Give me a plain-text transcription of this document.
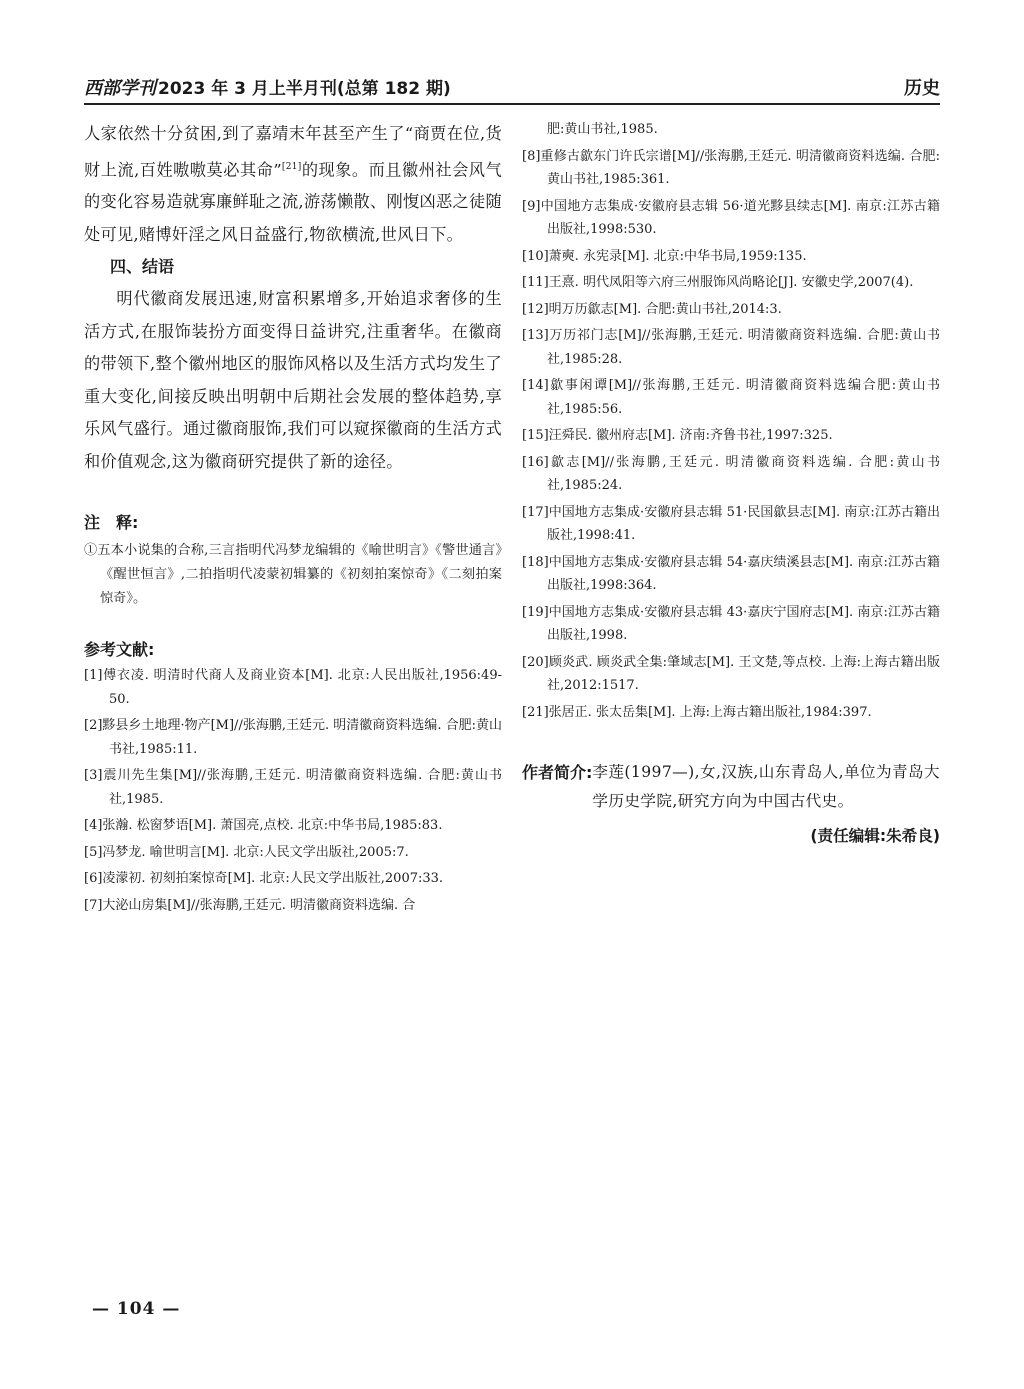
西部学刊 2023 年 3 月上半月刊(总第 182 期)	历史

人家依然十分贫困,到了嘉靖末年甚至产生了“商贾在位,货财上流,百姓嗷嗷莫必其命”[21]的现象。而且徽州社会风气的变化容易造就寡廉鲜耻之流,游荡懒散、刚愎凶恶之徒随处可见,赌博奸淫之风日益盛行,物欲横流,世风日下。

四、结语

明代徽商发展迅速,财富积累增多,开始追求奢侈的生活方式,在服饰装扮方面变得日益讲究,注重奢华。在徽商的带领下,整个徽州地区的服饰风格以及生活方式均发生了重大变化,间接反映出明朝中后期社会发展的整体趋势,享乐风气盛行。通过徽商服饰,我们可以窥探徽商的生活方式和价值观念,这为徽商研究提供了新的途径。

注　释:

①五本小说集的合称,三言指明代冯梦龙编辑的《喻世明言》《警世通言》《醒世恒言》,二拍指明代凌蒙初辑纂的《初刻拍案惊奇》《二刻拍案惊奇》。

参考文献:

[1]傅衣凌. 明清时代商人及商业资本[M]. 北京:人民出版社,1956:49-50.

[2]黟县乡土地理·物产[M]//张海鹏,王廷元. 明清徽商资料选编. 合肥:黄山书社,1985:11.

[3]震川先生集[M]//张海鹏,王廷元. 明清徽商资料选编. 合肥:黄山书社,1985.

[4]张瀚. 松窗梦语[M]. 萧国亮,点校. 北京:中华书局,1985:83.

[5]冯梦龙. 喻世明言[M]. 北京:人民文学出版社,2005:7.

[6]凌濛初. 初刻拍案惊奇[M]. 北京:人民文学出版社,2007:33.

[7]大泌山房集[M]//张海鹏,王廷元. 明清徽商资料选编. 合

肥:黄山书社,1985.

[8]重修古歙东门许氏宗谱[M]//张海鹏,王廷元. 明清徽商资料选编. 合肥:黄山书社,1985:361.

[9]中国地方志集成·安徽府县志辑 56·道光黟县续志[M]. 南京:江苏古籍出版社,1998:530.

[10]萧奭. 永宪录[M]. 北京:中华书局,1959:135.

[11]王熹. 明代凤阳等六府三州服饰风尚略论[J]. 安徽史学,2007(4).

[12]明万历歙志[M]. 合肥:黄山书社,2014:3.

[13]万历祁门志[M]//张海鹏,王廷元. 明清徽商资料选编. 合肥:黄山书社,1985:28.

[14]歙事闲谭[M]//张海鹏,王廷元. 明清徽商资料选编合肥:黄山书社,1985:56.

[15]汪舜民. 徽州府志[M]. 济南:齐鲁书社,1997:325.

[16]歙志[M]//张海鹏,王廷元. 明清徽商资料选编. 合肥:黄山书社,1985:24.

[17]中国地方志集成·安徽府县志辑 51·民国歙县志[M]. 南京:江苏古籍出版社,1998:41.

[18]中国地方志集成·安徽府县志辑 54·嘉庆绩溪县志[M]. 南京:江苏古籍出版社,1998:364.

[19]中国地方志集成·安徽府县志辑 43·嘉庆宁国府志[M]. 南京:江苏古籍出版社,1998.

[20]顾炎武. 顾炎武全集:肇域志[M]. 王文楚,等点校. 上海:上海古籍出版社,2012:1517.

[21]张居正. 张太岳集[M]. 上海:上海古籍出版社,1984:397.

作者简介: 李莲(1997—),女,汉族,山东青岛人,单位为青岛大学历史学院,研究方向为中国古代史。
(责任编辑:朱希良)
— 104 —
